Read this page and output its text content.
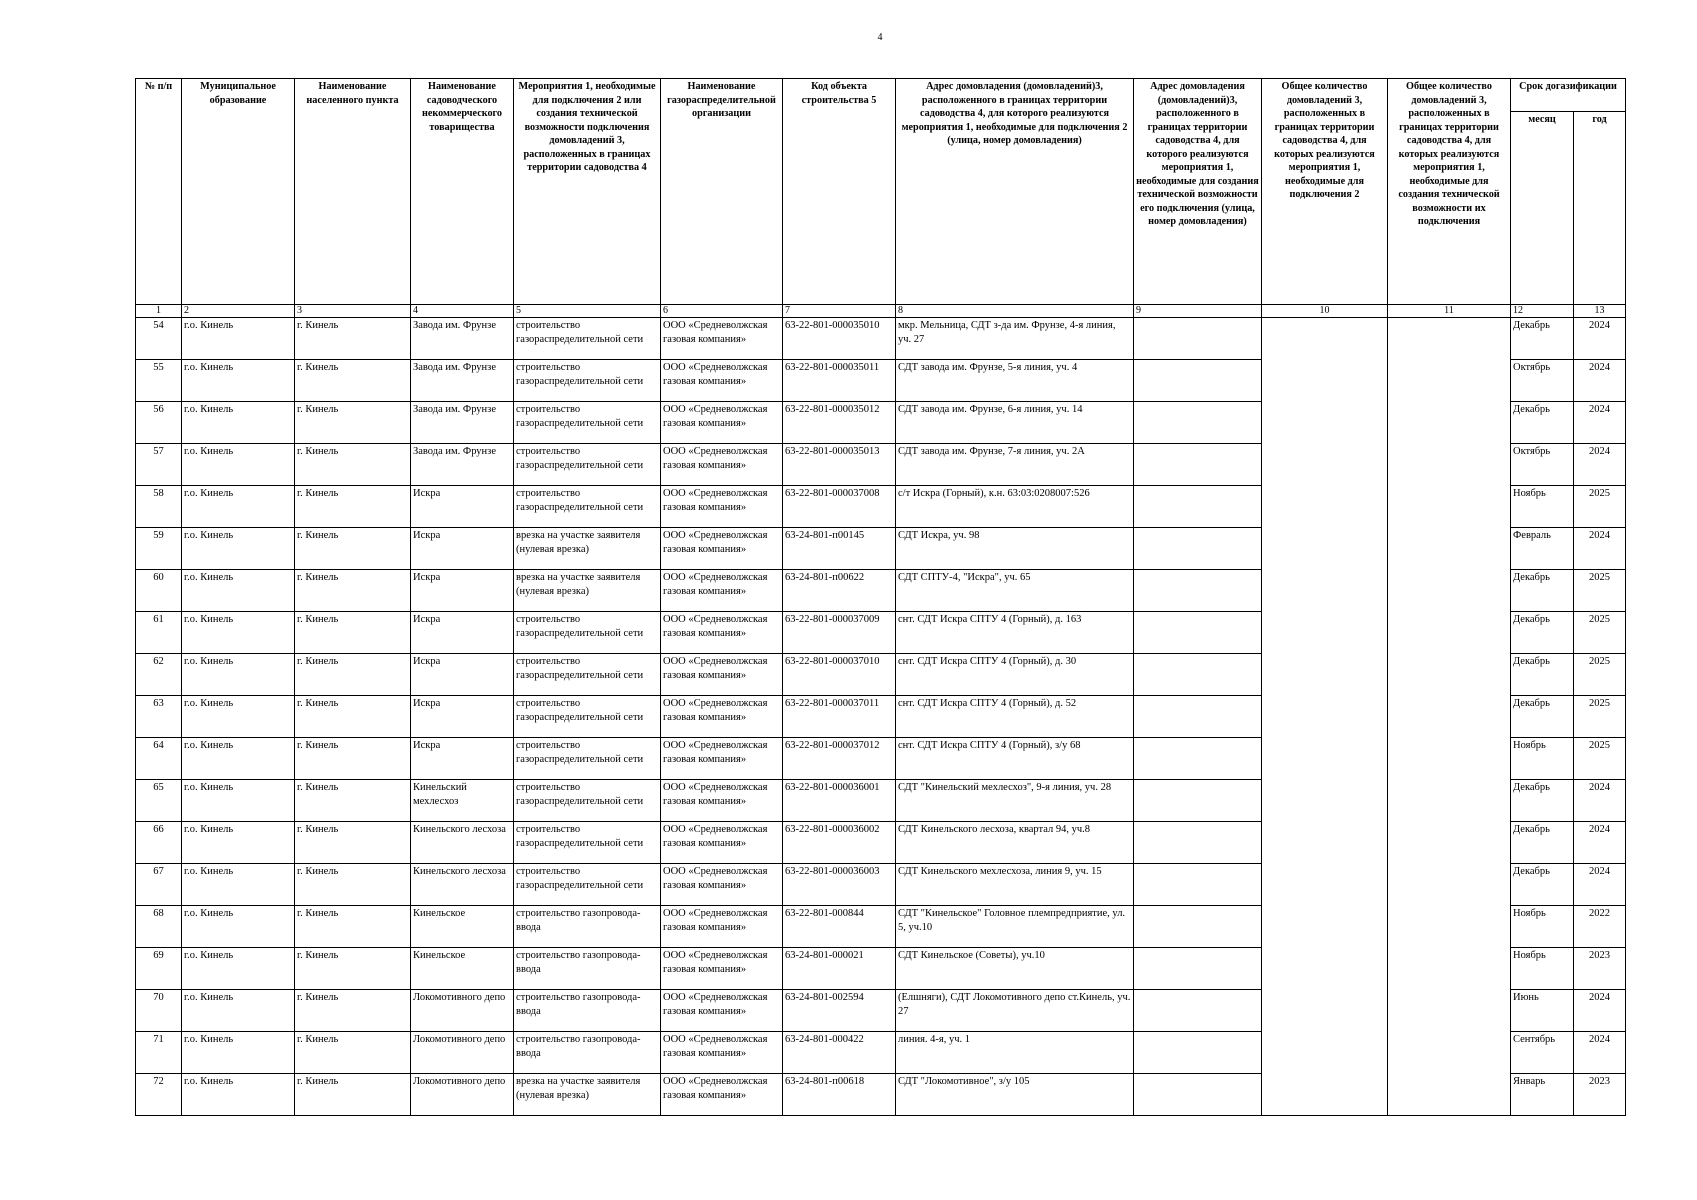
4
№ п/п	Муниципальное образование	Наименование населенного пункта	Наименование садоводческого некоммерческого товарищества	Мероприятия 1, необходимые для подключения 2 или создания технической возможности подключения домовладений 3, расположенных в границах территории садоводства 4	Наименование газораспределительной организации	Код объекта строительства 5	Адрес домовладения (домовладений)3, расположенного в границах территории садоводства 4, для которого реализуются мероприятия 1, необходимые для подключения 2 (улица, номер домовладения)	Адрес домовладения (домовладений)3, расположенного в границах территории садоводства 4, для которого реализуются мероприятия 1, необходимые для создания технической возможности его подключения (улица, номер домовладения)	Общее количество домовладений 3, расположенных в границах территории садоводства 4, для которых реализуются мероприятия 1, необходимые для подключения 2	Общее количество домовладений 3, расположенных в границах территории садоводства 4, для которых реализуются мероприятия 1, необходимые для создания технической возможности их подключения	Срок догазификации	
											месяц	год
1	2	3	4	5	6	7	8	9	10	11	12	13
54	г.о. Кинель	г. Кинель	Завода им. Фрунзе	строительство газораспределительной сети	ООО «Средневолжская газовая компания»	63-22-801-000035010	мкр. Мельница, СДТ з-да им. Фрунзе, 4-я линия, уч. 27				Декабрь	2024
55	г.о. Кинель	г. Кинель	Завода им. Фрунзе	строительство газораспределительной сети	ООО «Средневолжская газовая компания»	63-22-801-000035011	СДТ завода им. Фрунзе, 5-я линия, уч. 4				Октябрь	2024
56	г.о. Кинель	г. Кинель	Завода им. Фрунзе	строительство газораспределительной сети	ООО «Средневолжская газовая компания»	63-22-801-000035012	СДТ завода им. Фрунзе, 6-я линия, уч. 14				Декабрь	2024
57	г.о. Кинель	г. Кинель	Завода им. Фрунзе	строительство газораспределительной сети	ООО «Средневолжская газовая компания»	63-22-801-000035013	СДТ завода им. Фрунзе, 7-я линия, уч. 2А				Октябрь	2024
58	г.о. Кинель	г. Кинель	Искра	строительство газораспределительной сети	ООО «Средневолжская газовая компания»	63-22-801-000037008	с/т Искра (Горный), к.н. 63:03:0208007:526				Ноябрь	2025
59	г.о. Кинель	г. Кинель	Искра	врезка на участке заявителя (нулевая врезка)	ООО «Средневолжская газовая компания»	63-24-801-п00145	СДТ Искра, уч. 98				Февраль	2024
60	г.о. Кинель	г. Кинель	Искра	врезка на участке заявителя (нулевая врезка)	ООО «Средневолжская газовая компания»	63-24-801-п00622	СДТ СПТУ-4, "Искра", уч. 65				Декабрь	2025
61	г.о. Кинель	г. Кинель	Искра	строительство газораспределительной сети	ООО «Средневолжская газовая компания»	63-22-801-000037009	снт. СДТ Искра СПТУ 4 (Горный), д. 163				Декабрь	2025
62	г.о. Кинель	г. Кинель	Искра	строительство газораспределительной сети	ООО «Средневолжская газовая компания»	63-22-801-000037010	снт. СДТ Искра СПТУ 4 (Горный), д. 30				Декабрь	2025
63	г.о. Кинель	г. Кинель	Искра	строительство газораспределительной сети	ООО «Средневолжская газовая компания»	63-22-801-000037011	снт. СДТ Искра СПТУ 4 (Горный), д. 52				Декабрь	2025
64	г.о. Кинель	г. Кинель	Искра	строительство газораспределительной сети	ООО «Средневолжская газовая компания»	63-22-801-000037012	снт. СДТ Искра СПТУ 4 (Горный), з/у 68				Ноябрь	2025
65	г.о. Кинель	г. Кинель	Кинельский мехлесхоз	строительство газораспределительной сети	ООО «Средневолжская газовая компания»	63-22-801-000036001	СДТ "Кинельский мехлесхоз", 9-я линия, уч. 28				Декабрь	2024
66	г.о. Кинель	г. Кинель	Кинельского лесхоза	строительство газораспределительной сети	ООО «Средневолжская газовая компания»	63-22-801-000036002	СДТ Кинельского лесхоза, квартал 94, уч.8				Декабрь	2024
67	г.о. Кинель	г. Кинель	Кинельского лесхоза	строительство газораспределительной сети	ООО «Средневолжская газовая компания»	63-22-801-000036003	СДТ Кинельского мехлесхоза, линия 9, уч. 15				Декабрь	2024
68	г.о. Кинель	г. Кинель	Кинельское	строительство газопровода-ввода	ООО «Средневолжская газовая компания»	63-22-801-000844	СДТ "Кинельское" Головное племпредприятие, ул. 5, уч.10				Ноябрь	2022
69	г.о. Кинель	г. Кинель	Кинельское	строительство газопровода-ввода	ООО «Средневолжская газовая компания»	63-24-801-000021	СДТ Кинельское (Советы), уч.10				Ноябрь	2023
70	г.о. Кинель	г. Кинель	Локомотивного депо	строительство газопровода-ввода	ООО «Средневолжская газовая компания»	63-24-801-002594	(Елшняги), СДТ Локомотивного депо ст.Кинель, уч. 27				Июнь	2024
71	г.о. Кинель	г. Кинель	Локомотивного депо	строительство газопровода-ввода	ООО «Средневолжская газовая компания»	63-24-801-000422	линия. 4-я, уч. 1				Сентябрь	2024
72	г.о. Кинель	г. Кинель	Локомотивного депо	врезка на участке заявителя (нулевая врезка)	ООО «Средневолжская газовая компания»	63-24-801-п00618	СДТ "Локомотивное", з/у 105				Январь	2023
